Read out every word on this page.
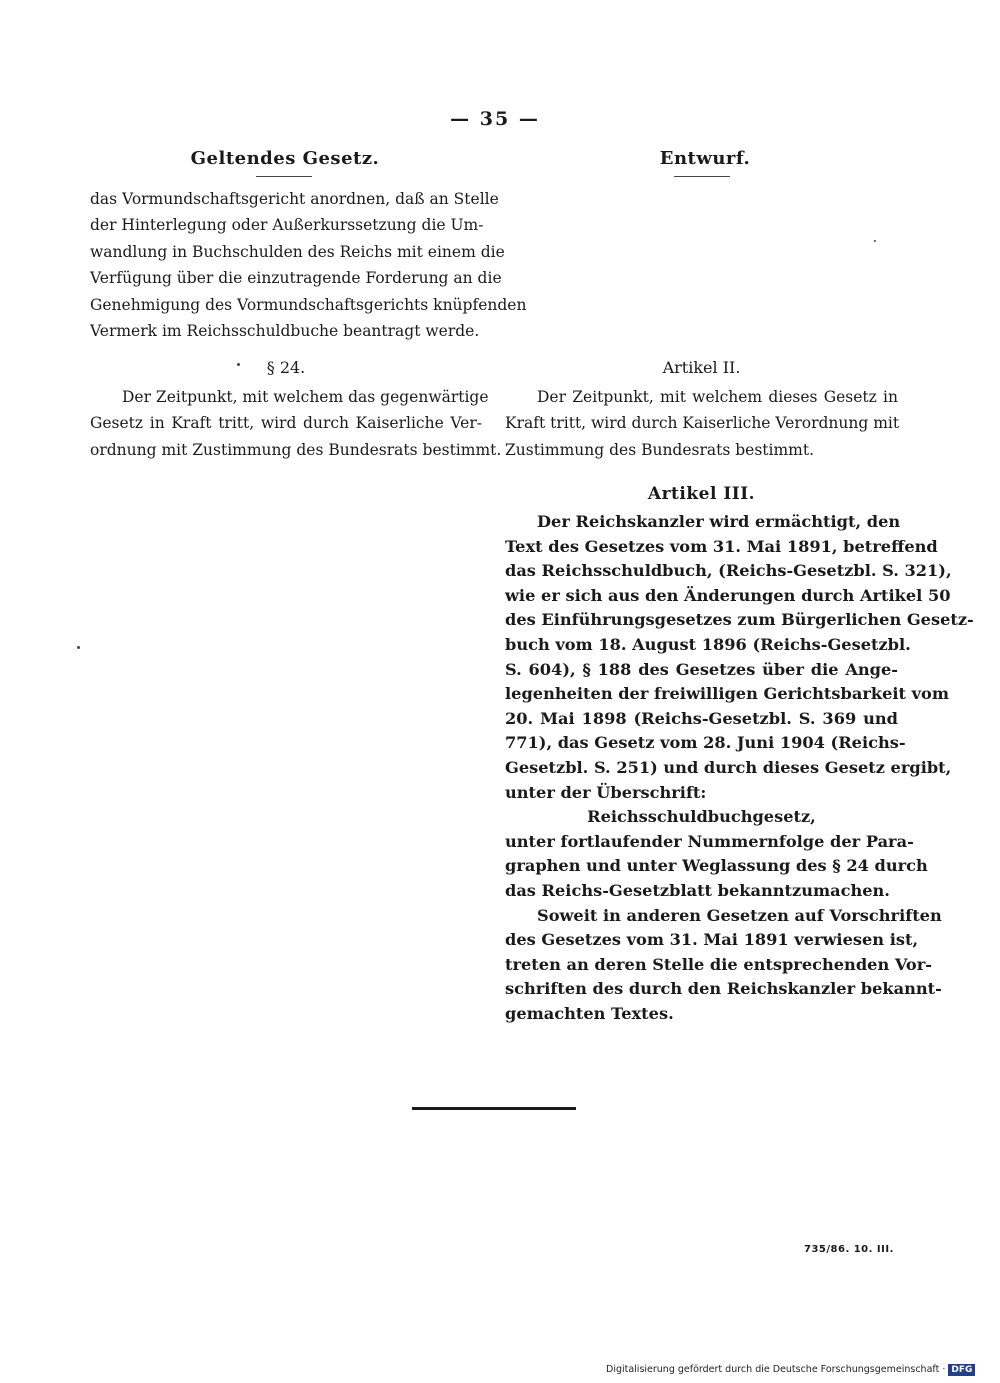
— 35 —
Geltendes Gesetz.	Entwurf.
das Vormundschaftsgericht anordnen, daß an Stelle
der Hinterlegung oder Außerkurssetzung die Um-
wandlung in Buchschulden des Reichs mit einem die
Verfügung über die einzutragende Forderung an die
Genehmigung des Vormundschaftsgerichts knüpfenden
Vermerk im Reichsschuldbuche beantragt werde.
§ 24.
Der Zeitpunkt, mit welchem das gegenwärtige
Gesetz in Kraft tritt, wird durch Kaiserliche Ver-
ordnung mit Zustimmung des Bundesrats bestimmt.
Artikel II.
Der Zeitpunkt, mit welchem dieses Gesetz in
Kraft tritt, wird durch Kaiserliche Verordnung mit
Zustimmung des Bundesrats bestimmt.
Artikel III.
Der Reichskanzler wird ermächtigt, den
Text des Gesetzes vom 31. Mai 1891, betreffend
das Reichsschuldbuch, (Reichs-Gesetzbl. S. 321),
wie er sich aus den Änderungen durch Artikel 50
des Einführungsgesetzes zum Bürgerlichen Gesetz-
buch vom 18. August 1896 (Reichs-Gesetzbl.
S. 604), § 188 des Gesetzes über die Ange-
legenheiten der freiwilligen Gerichtsbarkeit vom
20. Mai 1898 (Reichs-Gesetzbl. S. 369 und
771), das Gesetz vom 28. Juni 1904 (Reichs-
Gesetzbl. S. 251) und durch dieses Gesetz ergibt,
unter der Überschrift:
Reichsschuldbuchgesetz,
unter fortlaufender Nummernfolge der Para-
graphen und unter Weglassung des § 24 durch
das Reichs-Gesetzblatt bekanntzumachen.
Soweit in anderen Gesetzen auf Vorschriften
des Gesetzes vom 31. Mai 1891 verwiesen ist,
treten an deren Stelle die entsprechenden Vor-
schriften des durch den Reichskanzler bekannt-
gemachten Textes.
735/86. 10. III.
Digitalisierung gefördert durch die Deutsche Forschungsgemeinschaft · DFG
